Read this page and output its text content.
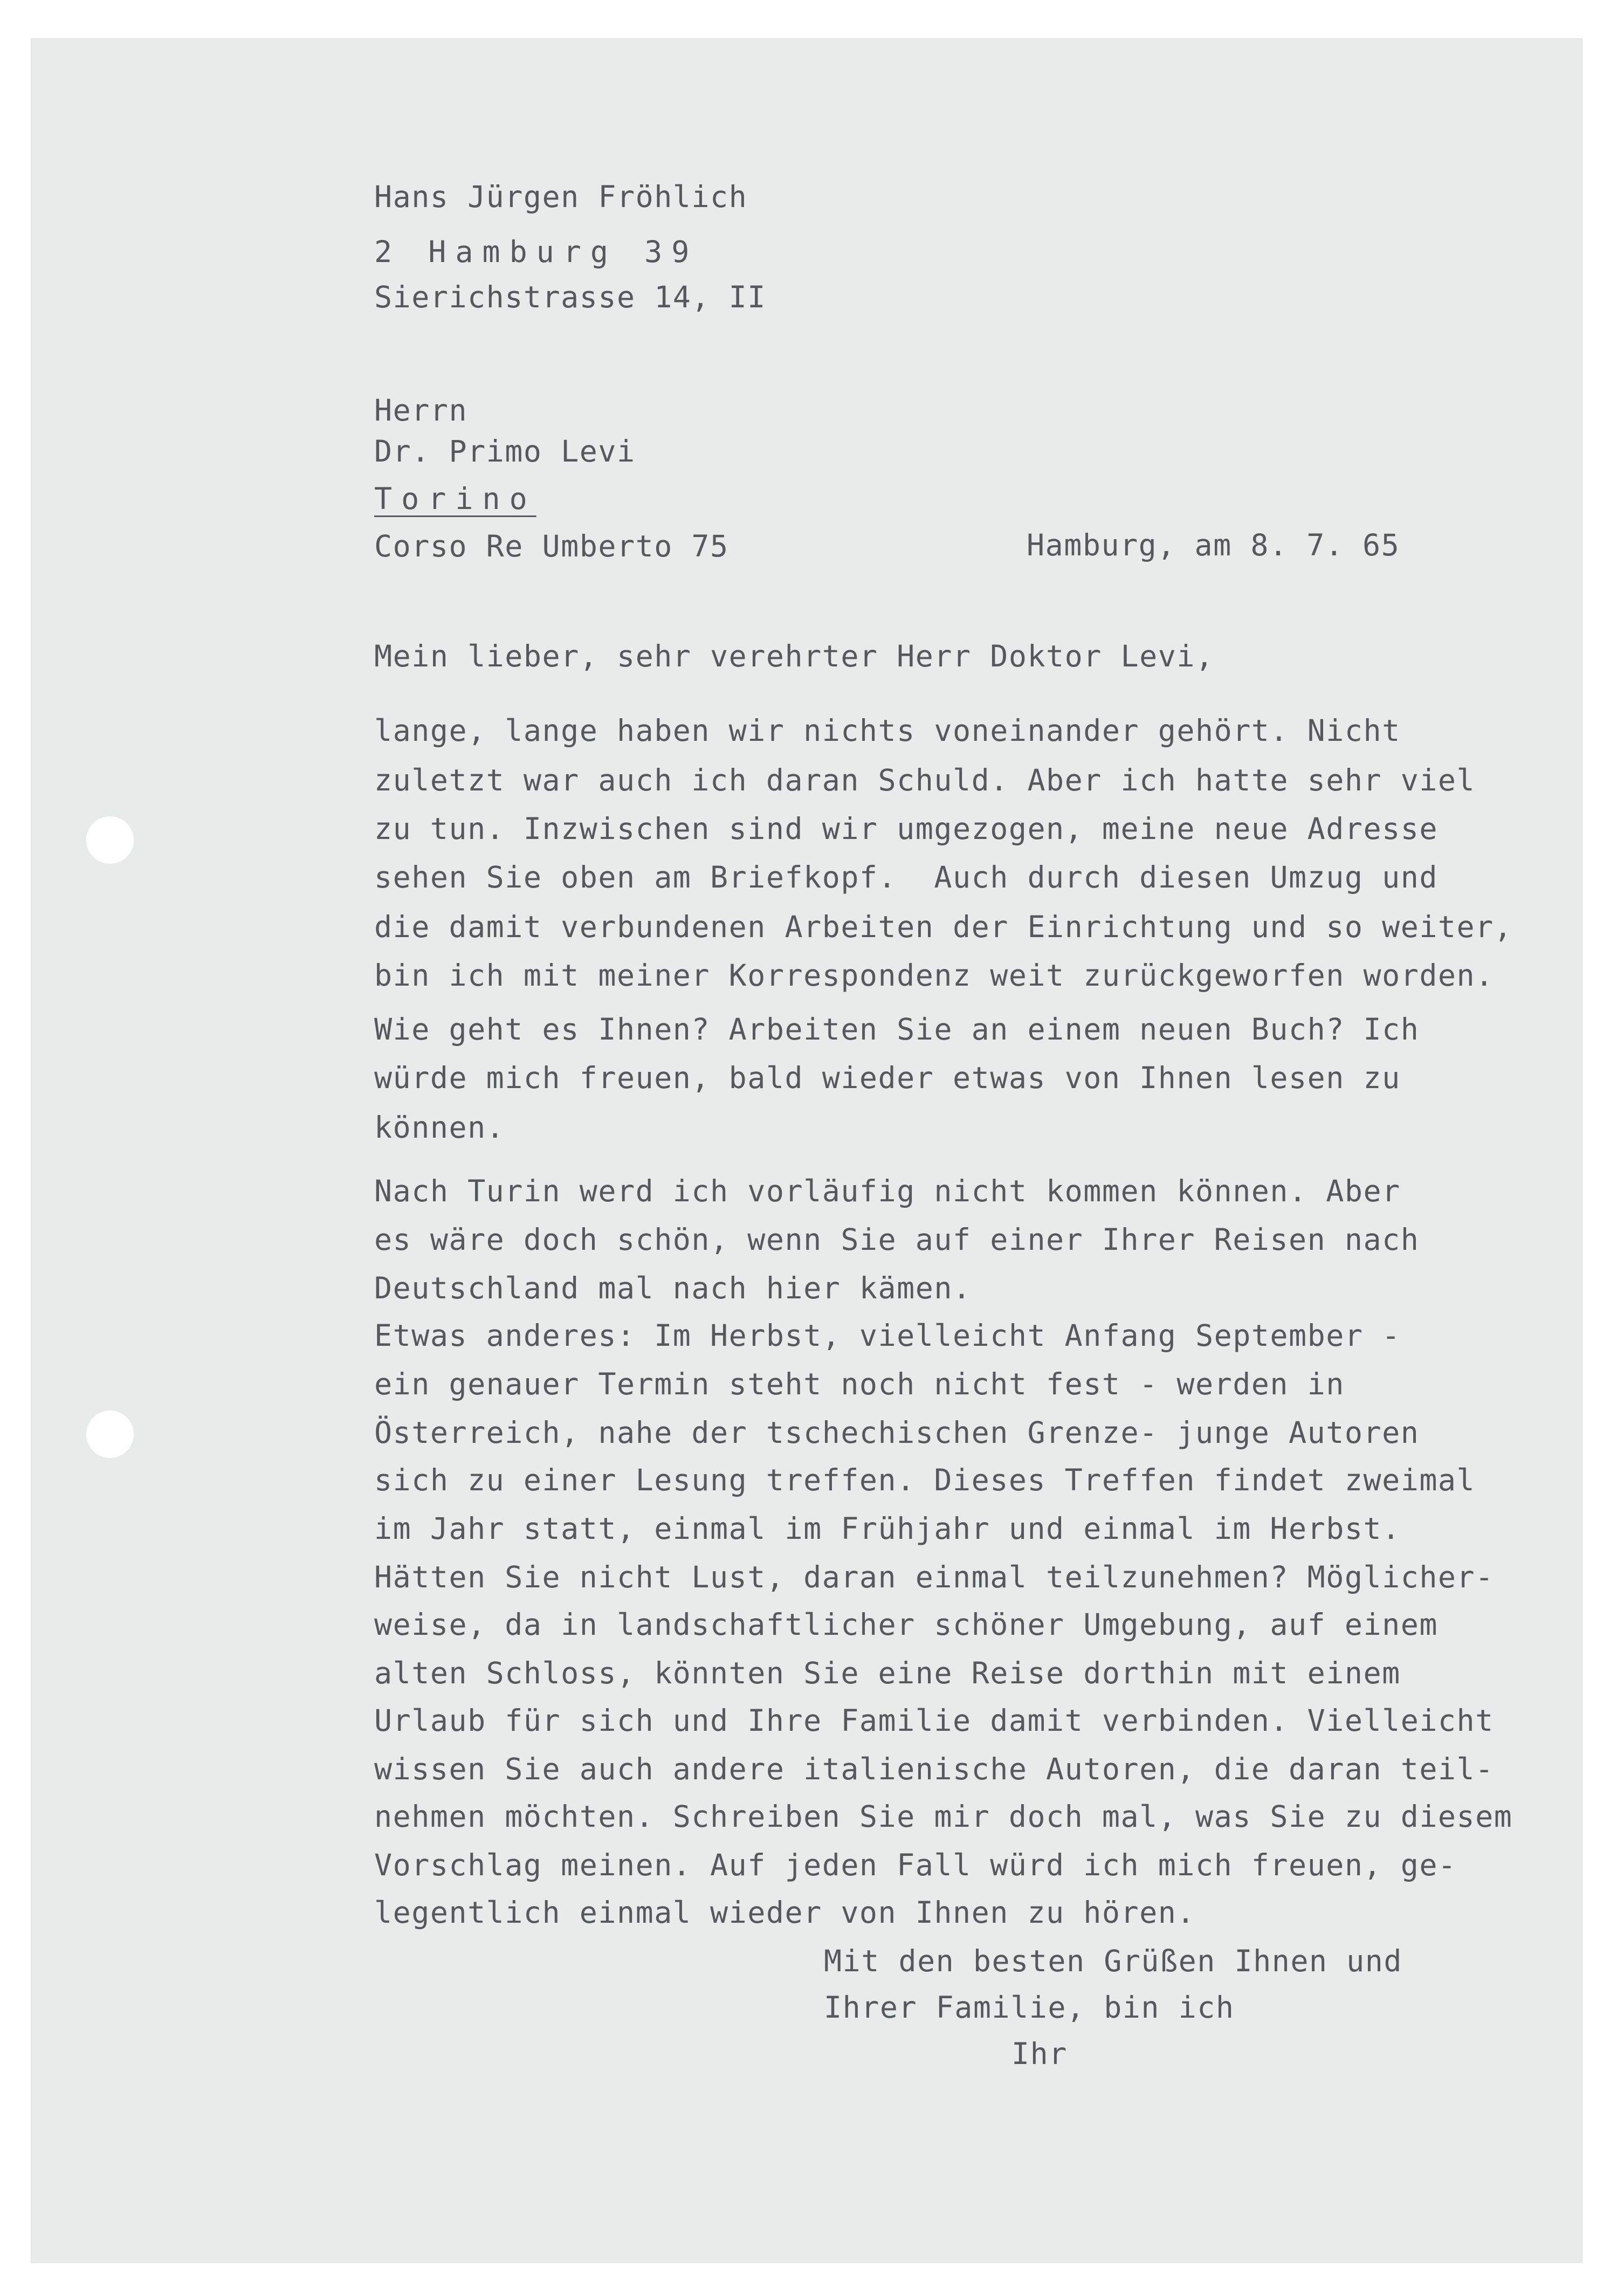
Hans Jürgen Fröhlich
2 Hamburg 39
Sierichstrasse 14, II
Herrn
Dr. Primo Levi
Torino
Corso Re Umberto 75	Hamburg, am 8. 7. 65
Mein lieber, sehr verehrter Herr Doktor Levi,
lange, lange haben wir nichts voneinander gehört. Nicht
zuletzt war auch ich daran Schuld. Aber ich hatte sehr viel
zu tun. Inzwischen sind wir umgezogen, meine neue Adresse
sehen Sie oben am Briefkopf.  Auch durch diesen Umzug und
die damit verbundenen Arbeiten der Einrichtung und so weiter,
bin ich mit meiner Korrespondenz weit zurückgeworfen worden.
Wie geht es Ihnen? Arbeiten Sie an einem neuen Buch? Ich
würde mich freuen, bald wieder etwas von Ihnen lesen zu
können.
Nach Turin werd ich vorläufig nicht kommen können. Aber
es wäre doch schön, wenn Sie auf einer Ihrer Reisen nach
Deutschland mal nach hier kämen.
Etwas anderes: Im Herbst, vielleicht Anfang September -
ein genauer Termin steht noch nicht fest - werden in
Österreich, nahe der tschechischen Grenze- junge Autoren
sich zu einer Lesung treffen. Dieses Treffen findet zweimal
im Jahr statt, einmal im Frühjahr und einmal im Herbst.
Hätten Sie nicht Lust, daran einmal teilzunehmen? Möglicher-
weise, da in landschaftlicher schöner Umgebung, auf einem
alten Schloss, könnten Sie eine Reise dorthin mit einem
Urlaub für sich und Ihre Familie damit verbinden. Vielleicht
wissen Sie auch andere italienische Autoren, die daran teil-
nehmen möchten. Schreiben Sie mir doch mal, was Sie zu diesem
Vorschlag meinen. Auf jeden Fall würd ich mich freuen, ge-
legentlich einmal wieder von Ihnen zu hören.
Mit den besten Grüßen Ihnen und
Ihrer Familie, bin ich
Ihr
